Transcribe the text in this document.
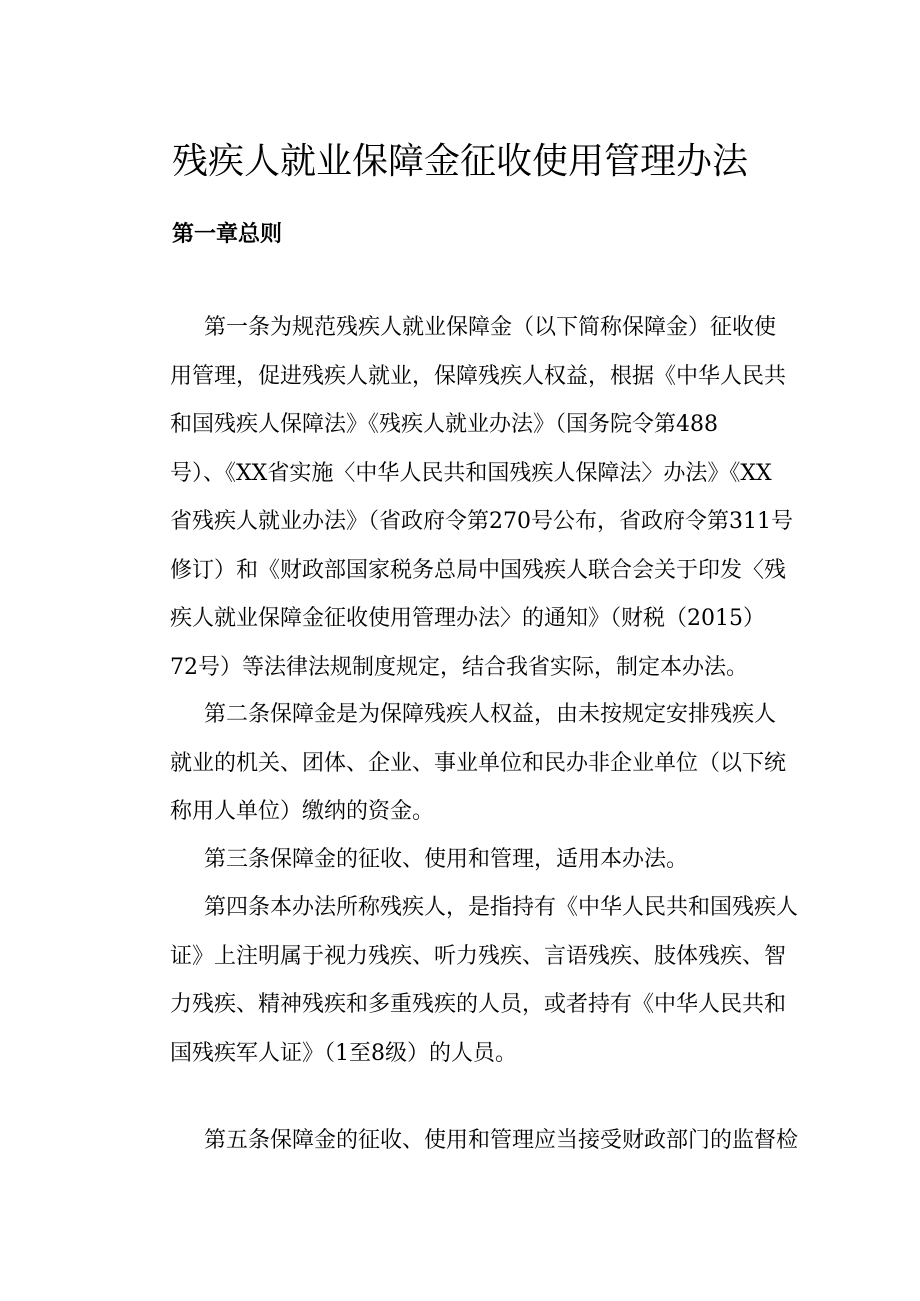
残疾人就业保障金征收使用管理办法
第一章总则
第一条为规范残疾人就业保障金（以下简称保障金）征收使
用管理，促进残疾人就业，保障残疾人权益，根据《中华人民共
和国残疾人保障法》《残疾人就业办法》（国务院令第488
号）、《XX省实施〈中华人民共和国残疾人保障法〉办法》《XX
省残疾人就业办法》（省政府令第270号公布，省政府令第311号
修订）和《财政部国家税务总局中国残疾人联合会关于印发〈残
疾人就业保障金征收使用管理办法〉的通知》（财税（2015）
72号）等法律法规制度规定，结合我省实际，制定本办法。
第二条保障金是为保障残疾人权益，由未按规定安排残疾人
就业的机关、团体、企业、事业单位和民办非企业单位（以下统
称用人单位）缴纳的资金。
第三条保障金的征收、使用和管理，适用本办法。
第四条本办法所称残疾人，是指持有《中华人民共和国残疾人
证》上注明属于视力残疾、听力残疾、言语残疾、肢体残疾、智
力残疾、精神残疾和多重残疾的人员，或者持有《中华人民共和
国残疾军人证》（1至8级）的人员。
第五条保障金的征收、使用和管理应当接受财政部门的监督检
